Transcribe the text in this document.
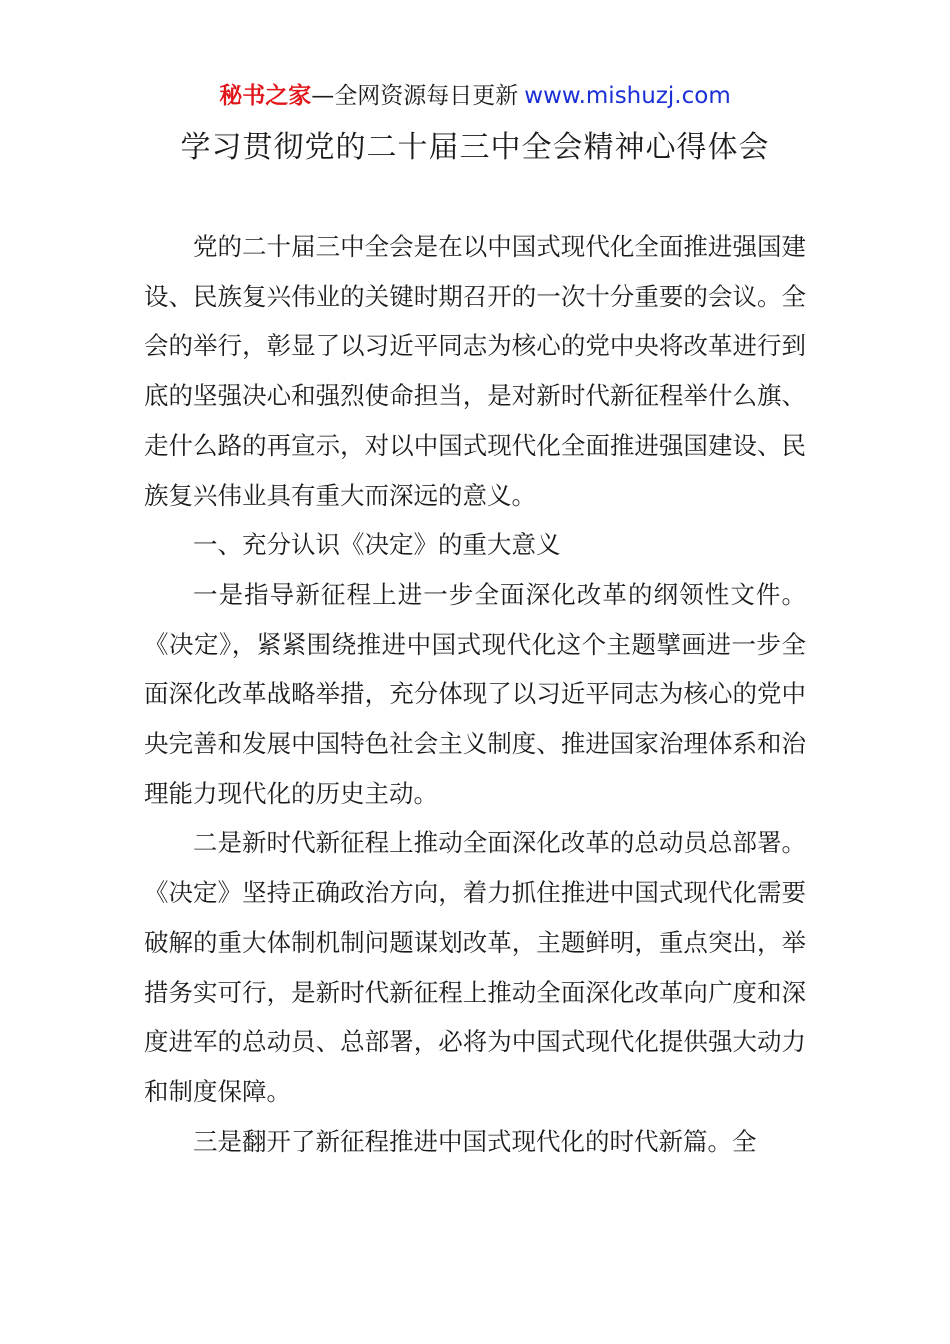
秘书之家—全网资源每日更新 www.mishuzj.com
学习贯彻党的二十届三中全会精神心得体会

党的二十届三中全会是在以中国式现代化全面推进强国建设、民族复兴伟业的关键时期召开的一次十分重要的会议。全会的举行，彰显了以习近平同志为核心的党中央将改革进行到底的坚强决心和强烈使命担当，是对新时代新征程举什么旗、走什么路的再宣示，对以中国式现代化全面推进强国建设、民族复兴伟业具有重大而深远的意义。

一、充分认识《决定》的重大意义

一是指导新征程上进一步全面深化改革的纲领性文件。《决定》，紧紧围绕推进中国式现代化这个主题擘画进一步全面深化改革战略举措，充分体现了以习近平同志为核心的党中央完善和发展中国特色社会主义制度、推进国家治理体系和治理能力现代化的历史主动。

二是新时代新征程上推动全面深化改革的总动员总部署。《决定》坚持正确政治方向，着力抓住推进中国式现代化需要破解的重大体制机制问题谋划改革，主题鲜明，重点突出，举措务实可行，是新时代新征程上推动全面深化改革向广度和深度进军的总动员、总部署，必将为中国式现代化提供强大动力和制度保障。

三是翻开了新征程推进中国式现代化的时代新篇。全
